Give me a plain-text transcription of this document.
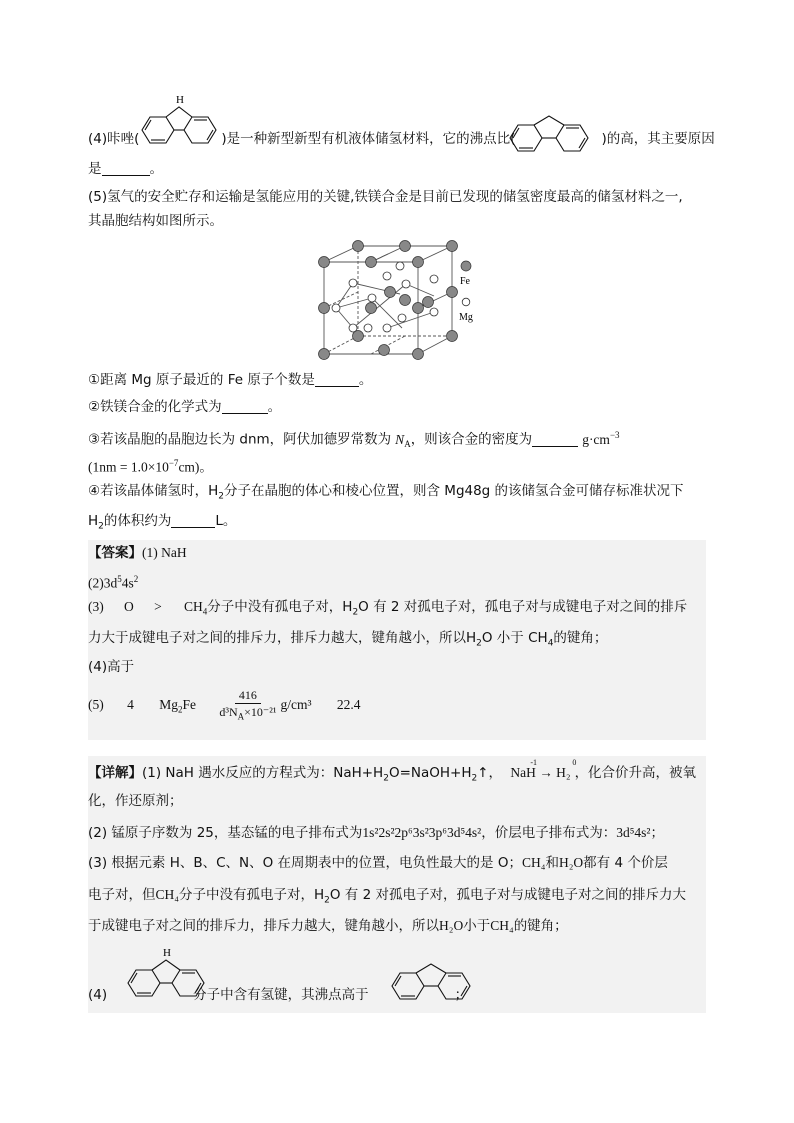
(4)咔唑(	)是一种新型新型有机液体储氢材料，它的沸点比(	)的高，其主要原因
H
是	。
(5)氢气的安全贮存和运输是氢能应用的关键,铁镁合金是目前已发现的储氢密度最高的储氢材料之一,
其晶胞结构如图所示。
Fe
Mg
①距离 Mg 原子最近的 Fe 原子个数是	。
②铁镁合金的化学式为	。
③若该晶胞的晶胞边长为 dnm，阿伏加德罗常数为 $N_A$，则该合金的密度为	$g\cdot cm^{-3}$
$(1nm = 1.0\times 10^{-7}cm)$。
④若该晶体储氢时，$H_2$分子在晶胞的体心和棱心位置，则含 Mg48g 的该储氢合金可储存标准状况下
$H_2$的体积约为	L。
【答案】(1) NaH
$(2)3d^54s^2$
(3) $O > CH_4$分子中没有孤电子对，$H_2O$ 有 2 对孤电子对，孤电子对与成键电子对之间的排斥
力大于成键电子对之间的排斥力，排斥力越大，键角越小，所以$H_2O$ 小于 $CH_4$的键角；
(4)高于
(5) 4 $Mg_2Fe \frac{416}{d^3N_A\times 10^{-21}} g/cm^3$ 22.4
【详解】(1) NaH 遇水反应的方程式为：$NaH+H_2O=NaOH+H_2↑$，
-1	0
NaH → H₂ ，化合价升高，被氧
化，作还原剂；
(2) 锰原子序数为 25，基态锰的电子排布式为1s²2s²2p⁶3s²3p⁶3d⁵4s²，价层电子排布式为：3d⁵4s²；
(3) 根据元素 H、B、C、N、O 在周期表中的位置，电负性最大的是 O；CH₄和H₂O都有 4 个价层
电子对，但CH₄分子中没有孤电子对，$H_2O$ 有 2 对孤电子对，孤电子对与成键电子对之间的排斥力大
于成键电子对之间的排斥力，排斥力越大，键角越小，所以H₂O小于CH₄的键角；
(4)	分子中含有氢键，其沸点高于	；
H
